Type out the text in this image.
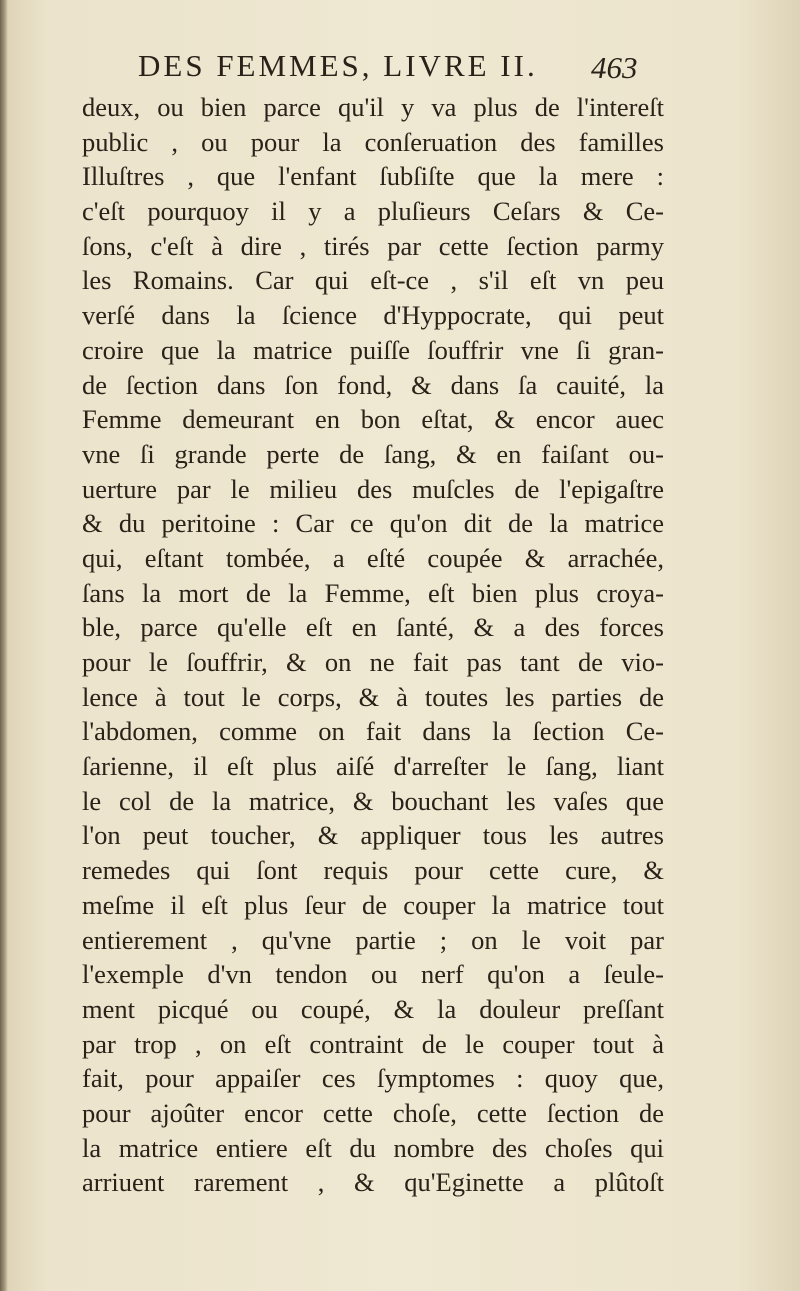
DES FEMMES, LIVRE II. 463
deux, ou bien parce qu'il y va plus de l'intereſt
public , ou pour la conſeruation des familles
Illuſtres , que l'enfant ſubſiſte que la mere :
c'eſt pourquoy il y a pluſieurs Ceſars & Ce-
ſons, c'eſt à dire , tirés par cette ſection parmy
les Romains. Car qui eſt-ce , s'il eſt vn peu
verſé dans la ſcience d'Hyppocrate, qui peut
croire que la matrice puiſſe ſouffrir vne ſi gran-
de ſection dans ſon fond, & dans ſa cauité, la
Femme demeurant en bon eſtat, & encor auec
vne ſi grande perte de ſang, & en faiſant ou-
uerture par le milieu des muſcles de l'epigaſtre
& du peritoine : Car ce qu'on dit de la matrice
qui, eſtant tombée, a eſté coupée & arrachée,
ſans la mort de la Femme, eſt bien plus croya-
ble, parce qu'elle eſt en ſanté, & a des forces
pour le ſouffrir, & on ne fait pas tant de vio-
lence à tout le corps, & à toutes les parties de
l'abdomen, comme on fait dans la ſection Ce-
ſarienne, il eſt plus aiſé d'arreſter le ſang, liant
le col de la matrice, & bouchant les vaſes que
l'on peut toucher, & appliquer tous les autres
remedes qui ſont requis pour cette cure, &
meſme il eſt plus ſeur de couper la matrice tout
entierement , qu'vne partie ; on le voit par
l'exemple d'vn tendon ou nerf qu'on a ſeule-
ment picqué ou coupé, & la douleur preſſant
par trop , on eſt contraint de le couper tout à
fait, pour appaiſer ces ſymptomes : quoy que,
pour ajoûter encor cette choſe, cette ſection de
la matrice entiere eſt du nombre des choſes qui
arriuent rarement , & qu'Eginette a plûtoſt
